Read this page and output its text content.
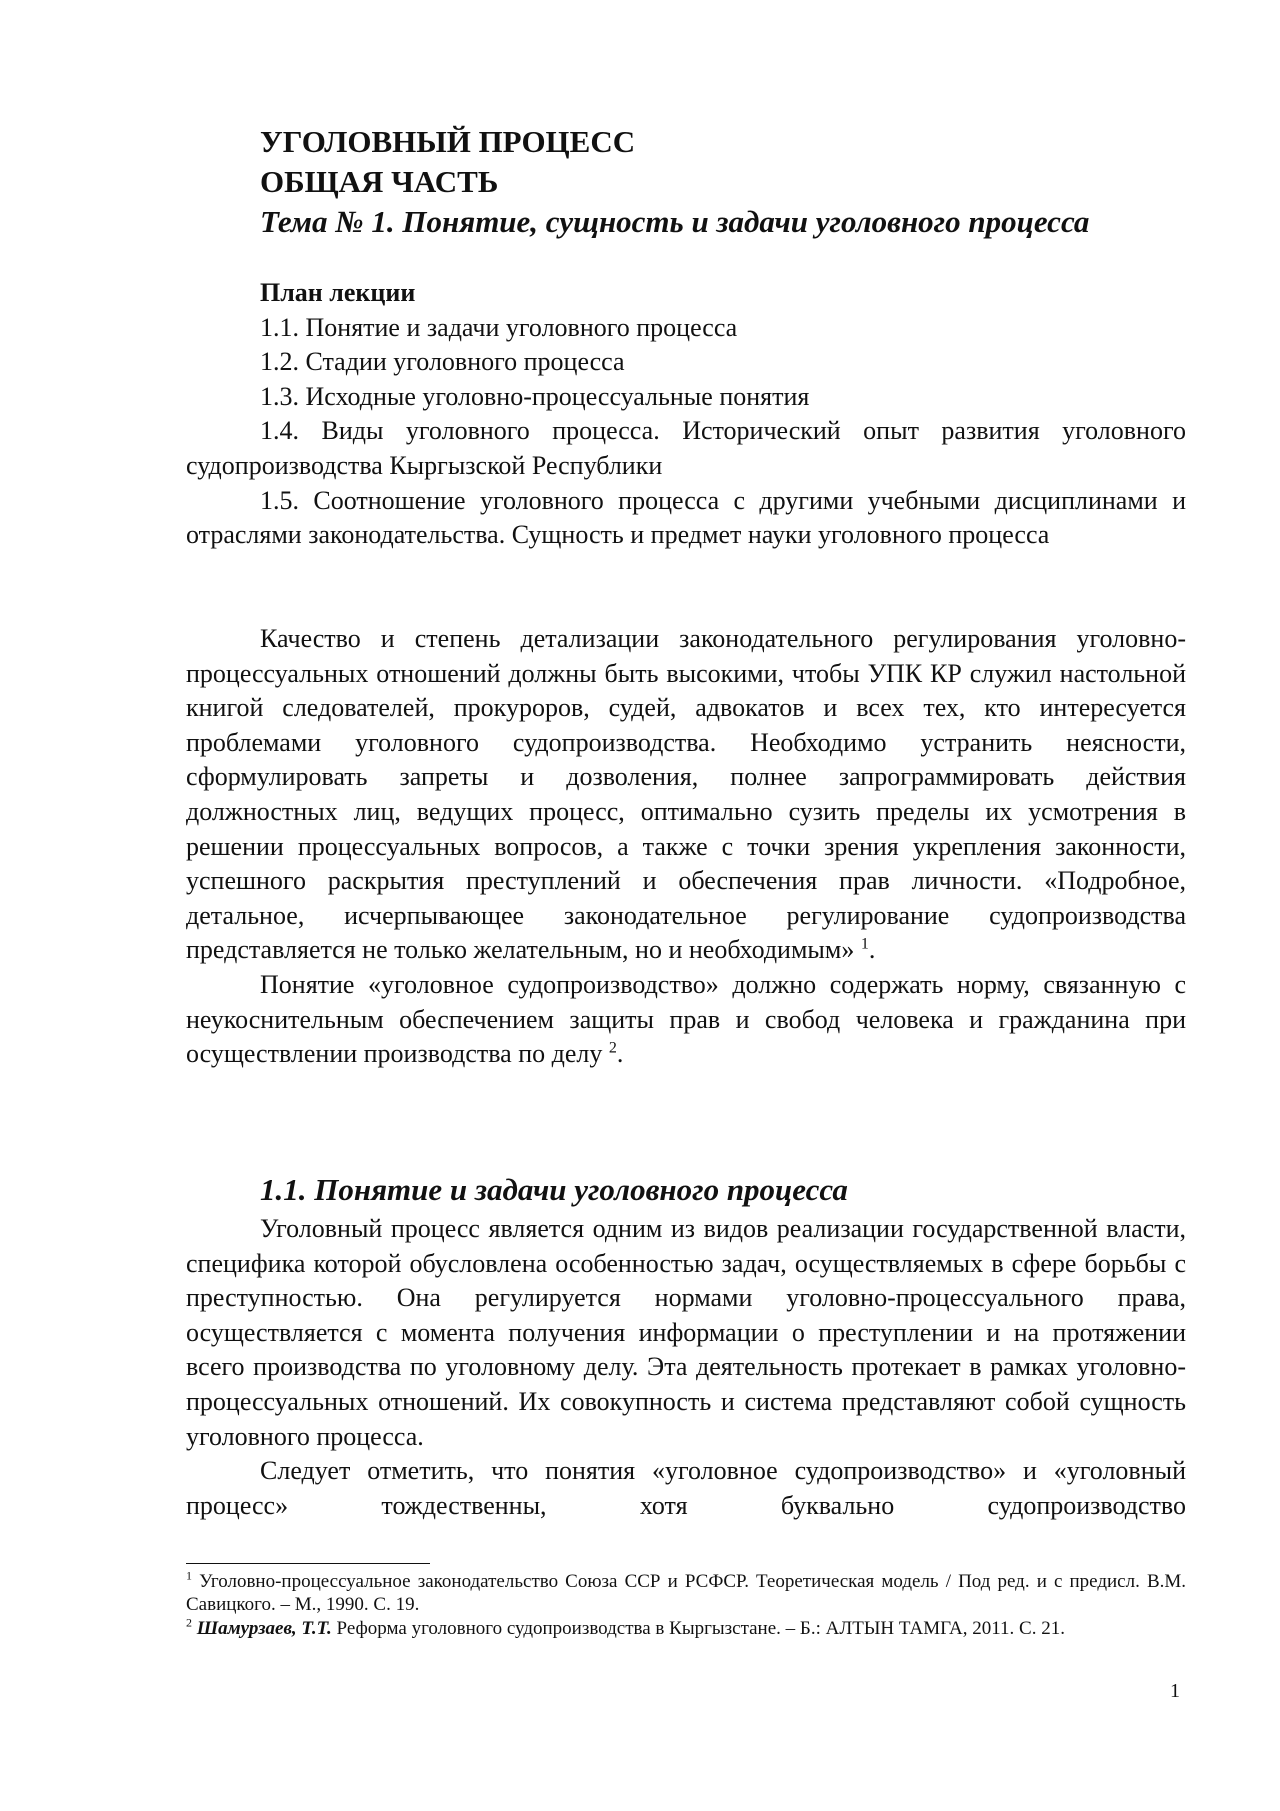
УГОЛОВНЫЙ ПРОЦЕСС

ОБЩАЯ ЧАСТЬ

Тема № 1. Понятие, сущность и задачи уголовного процесса

План лекции
1.1. Понятие и задачи уголовного процесса
1.2. Стадии уголовного процесса
1.3. Исходные уголовно-процессуальные понятия
1.4. Виды уголовного процесса. Исторический опыт развития уголовного судопроизводства Кыргызской Республики
1.5. Соотношение уголовного процесса с другими учебными дисциплинами и отраслями законодательства. Сущность и предмет науки уголовного процесса

Качество и степень детализации законодательного регулирования уголовно-процессуальных отношений должны быть высокими, чтобы УПК КР служил настольной книгой следователей, прокуроров, судей, адвокатов и всех тех, кто интересуется проблемами уголовного судопроизводства. Необходимо устранить неясности, сформулировать запреты и дозволения, полнее запрограммировать действия должностных лиц, ведущих процесс, оптимально сузить пределы их усмотрения в решении процессуальных вопросов, а также с точки зрения укрепления законности, успешного раскрытия преступлений и обеспечения прав личности. «Подробное, детальное, исчерпывающее законодательное регулирование судопроизводства представляется не только желательным, но и необходимым» $^1$.

Понятие «уголовное судопроизводство» должно содержать норму, связанную с неукоснительным обеспечением защиты прав и свобод человека и гражданина при осуществлении производства по делу $^2$.

1.1. Понятие и задачи уголовного процесса

Уголовный процесс является одним из видов реализации государственной власти, специфика которой обусловлена особенностью задач, осуществляемых в сфере борьбы с преступностью. Она регулируется нормами уголовно-процессуального права, осуществляется с момента получения информации о преступлении и на протяжении всего производства по уголовному делу. Эта деятельность протекает в рамках уголовно-процессуальных отношений. Их совокупность и система представляют собой сущность уголовного процесса.

Следует отметить, что понятия «уголовное судопроизводство» и «уголовный процесс» тождественны, хотя буквально судопроизводство

$^1$ Уголовно-процессуальное законодательство Союза ССР и РСФСР. Теоретическая модель / Под ред. и с предисл. В.М. Савицкого. – М., 1990. С. 19.

$^2$ Шамурзаев, Т.Т. Реформа уголовного судопроизводства в Кыргызстане. – Б.: АЛТЫН ТАМГА, 2011. С. 21.

1
